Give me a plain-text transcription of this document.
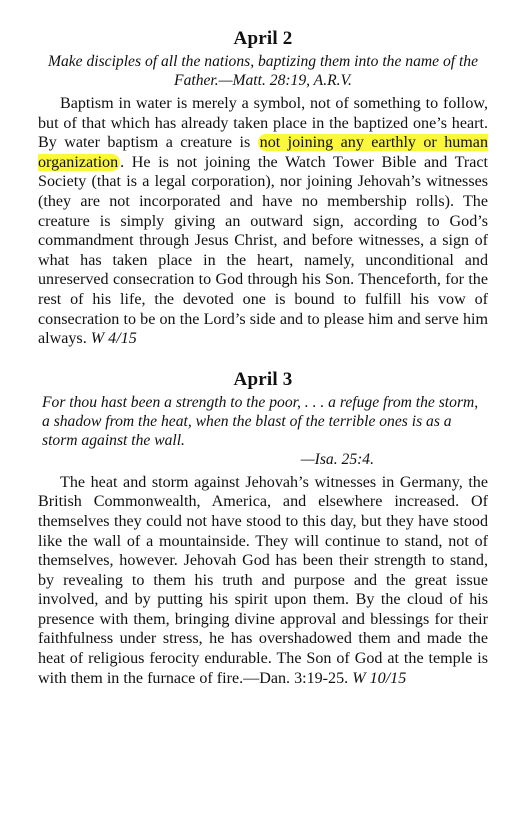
April 2

Make disciples of all the nations, baptizing them into the name of the Father.—Matt. 28:19, A.R.V.

Baptism in water is merely a symbol, not of something to follow, but of that which has already taken place in the baptized one’s heart. By water baptism a creature is not joining any earthly or human organization . He is not joining the Watch Tower Bible and Tract Society (that is a legal corporation), nor joining Jehovah’s witnesses (they are not incorporated and have no membership rolls). The creature is simply giving an outward sign, according to God’s commandment through Jesus Christ, and before witnesses, a sign of what has taken place in the heart, namely, unconditional and unreserved consecration to God through his Son. Thenceforth, for the rest of his life, the devoted one is bound to fulfill his vow of consecration to be on the Lord’s side and to please him and serve him always. W 4/15

April 3

For thou hast been a strength to the poor, . . . a refuge from the storm, a shadow from the heat, when the blast of the terrible ones is as a storm against the wall.
—Isa. 25:4.

The heat and storm against Jehovah’s witnesses in Germany, the British Commonwealth, America, and elsewhere increased. Of themselves they could not have stood to this day, but they have stood like the wall of a mountainside. They will continue to stand, not of themselves, however. Jehovah God has been their strength to stand, by revealing to them his truth and purpose and the great issue involved, and by putting his spirit upon them. By the cloud of his presence with them, bringing divine approval and blessings for their faithfulness under stress, he has overshadowed them and made the heat of religious ferocity endurable. The Son of God at the temple is with them in the furnace of fire.—Dan. 3:19-25. W 10/15
